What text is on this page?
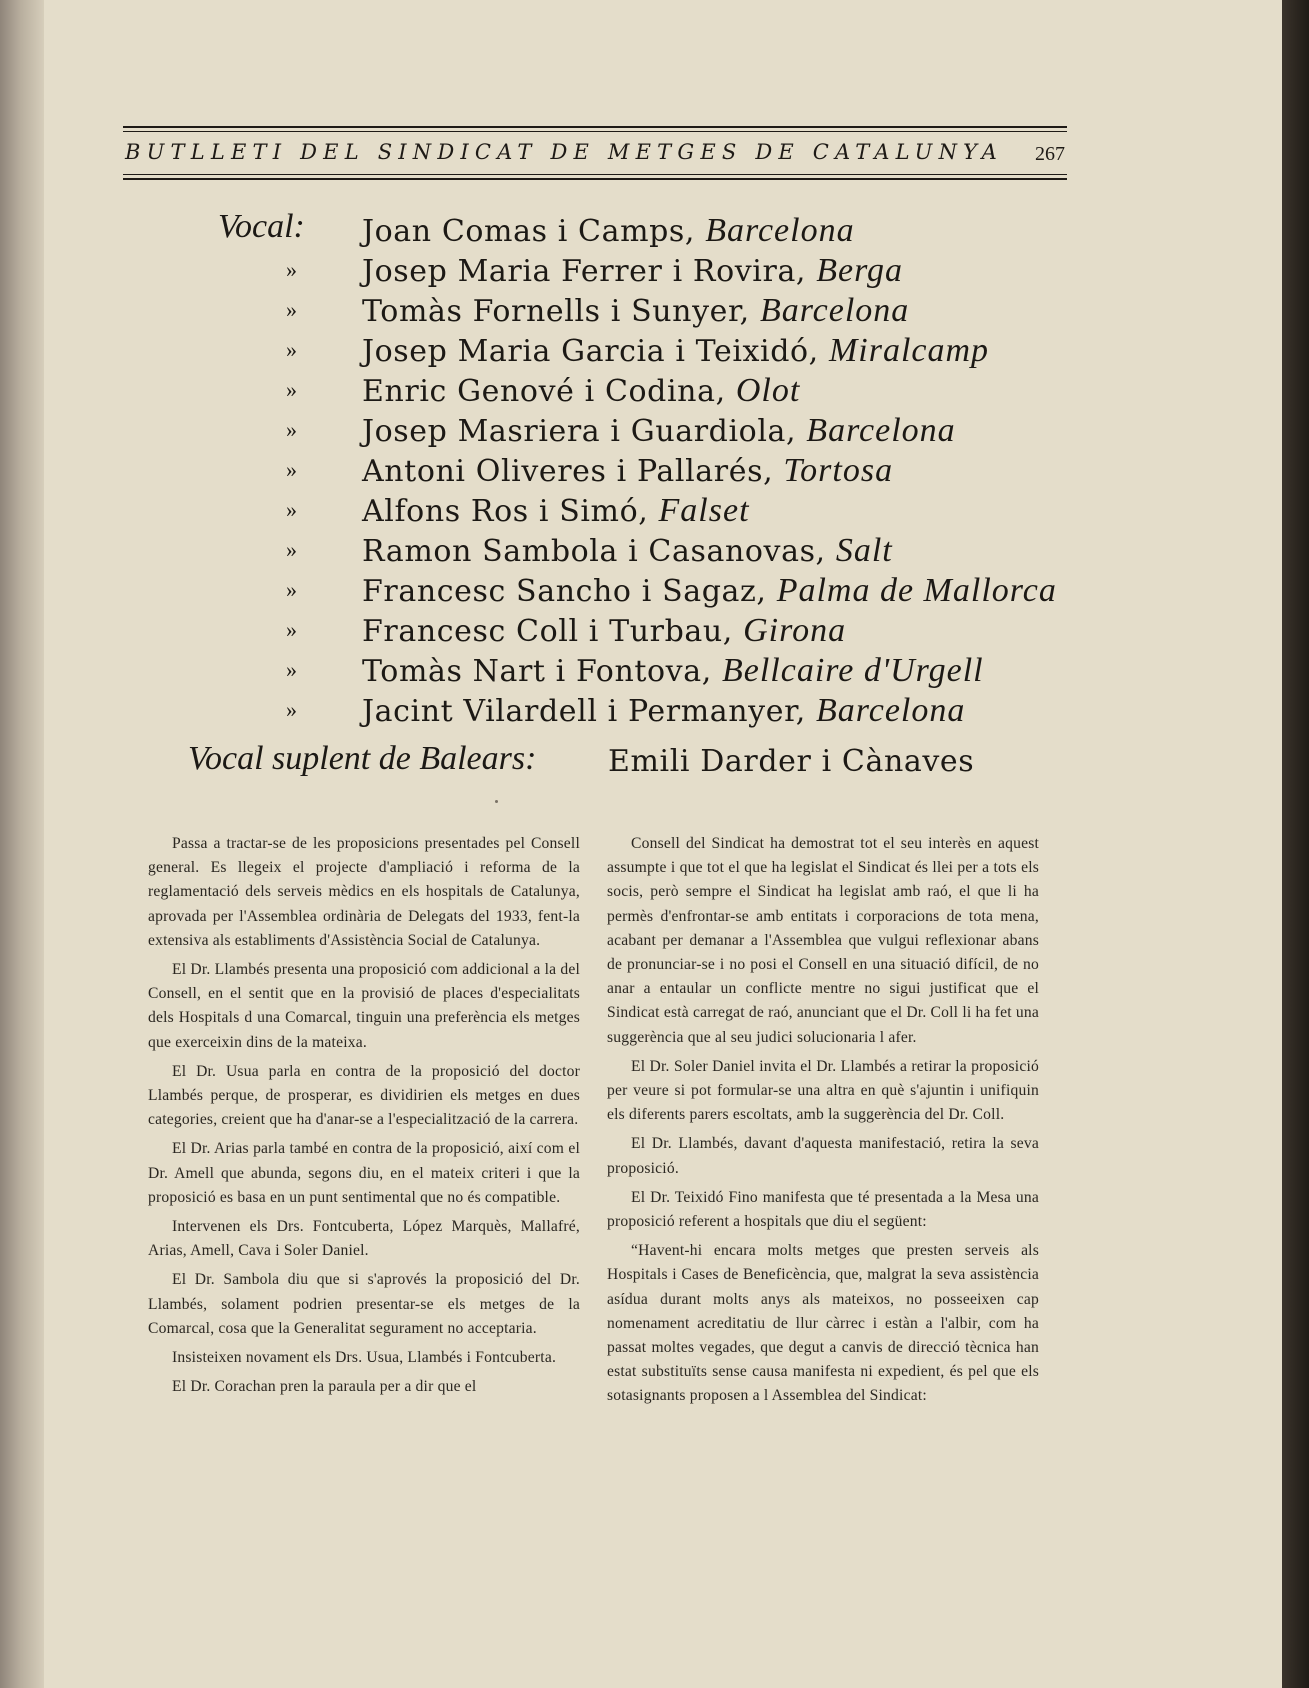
BUTLLETI DEL SINDICAT DE METGES DE CATALUNYA 267
Vocal: Joan Comas i Camps, Barcelona
» Josep Maria Ferrer i Rovira, Berga
» Tomàs Fornells i Sunyer, Barcelona
» Josep Maria Garcia i Teixidó, Miralcamp
» Enric Genové i Codina, Olot
» Josep Masriera i Guardiola, Barcelona
» Antoni Oliveres i Pallarés, Tortosa
» Alfons Ros i Simó, Falset
» Ramon Sambola i Casanovas, Salt
» Francesc Sancho i Sagaz, Palma de Mallorca
» Francesc Coll i Turbau, Girona
» Tomàs Nart i Fontova, Bellcaire d'Urgell
» Jacint Vilardell i Permanyer, Barcelona
Vocal suplent de Balears: Emili Darder i Cànaves

Passa a tractar-se de les proposicions presentades pel Consell general. Es llegeix el projecte d'ampliació i reforma de la reglamentació dels serveis mèdics en els hospitals de Catalunya, aprovada per l'Assemblea ordinària de Delegats del 1933, fent-la extensiva als establiments d'Assistència Social de Catalunya.

El Dr. Llambés presenta una proposició com addicional a la del Consell, en el sentit que en la provisió de places d'especialitats dels Hospitals d una Comarcal, tinguin una preferència els metges que exerceixin dins de la mateixa.

El Dr. Usua parla en contra de la proposició del doctor Llambés perque, de prosperar, es dividirien els metges en dues categories, creient que ha d'anar-se a l'especialització de la carrera.

El Dr. Arias parla també en contra de la proposició, així com el Dr. Amell que abunda, segons diu, en el mateix criteri i que la proposició es basa en un punt sentimental que no és compatible.

Intervenen els Drs. Fontcuberta, López Marquès, Mallafré, Arias, Amell, Cava i Soler Daniel.

El Dr. Sambola diu que si s'aprovés la proposició del Dr. Llambés, solament podrien presentar-se els metges de la Comarcal, cosa que la Generalitat segurament no acceptaria.

Insisteixen novament els Drs. Usua, Llambés i Fontcuberta.

El Dr. Corachan pren la paraula per a dir que el

Consell del Sindicat ha demostrat tot el seu interès en aquest assumpte i que tot el que ha legislat el Sindicat és llei per a tots els socis, però sempre el Sindicat ha legislat amb raó, el que li ha permès d'enfrontar-se amb entitats i corporacions de tota mena, acabant per demanar a l'Assemblea que vulgui reflexionar abans de pronunciar-se i no posi el Consell en una situació difícil, de no anar a entaular un conflicte mentre no sigui justificat que el Sindicat està carregat de raó, anunciant que el Dr. Coll li ha fet una suggerència que al seu judici solucionaria l afer.

El Dr. Soler Daniel invita el Dr. Llambés a retirar la proposició per veure si pot formular-se una altra en què s'ajuntin i unifiquin els diferents parers escoltats, amb la suggerència del Dr. Coll.

El Dr. Llambés, davant d'aquesta manifestació, retira la seva proposició.

El Dr. Teixidó Fino manifesta que té presentada a la Mesa una proposició referent a hospitals que diu el següent:

“Havent-hi encara molts metges que presten serveis als Hospitals i Cases de Beneficència, que, malgrat la seva assistència asídua durant molts anys als mateixos, no posseeixen cap nomenament acreditatiu de llur càrrec i estàn a l'albir, com ha passat moltes vegades, que degut a canvis de direcció tècnica han estat substituïts sense causa manifesta ni expedient, és pel que els sotasignants proposen a l Assemblea del Sindicat:
